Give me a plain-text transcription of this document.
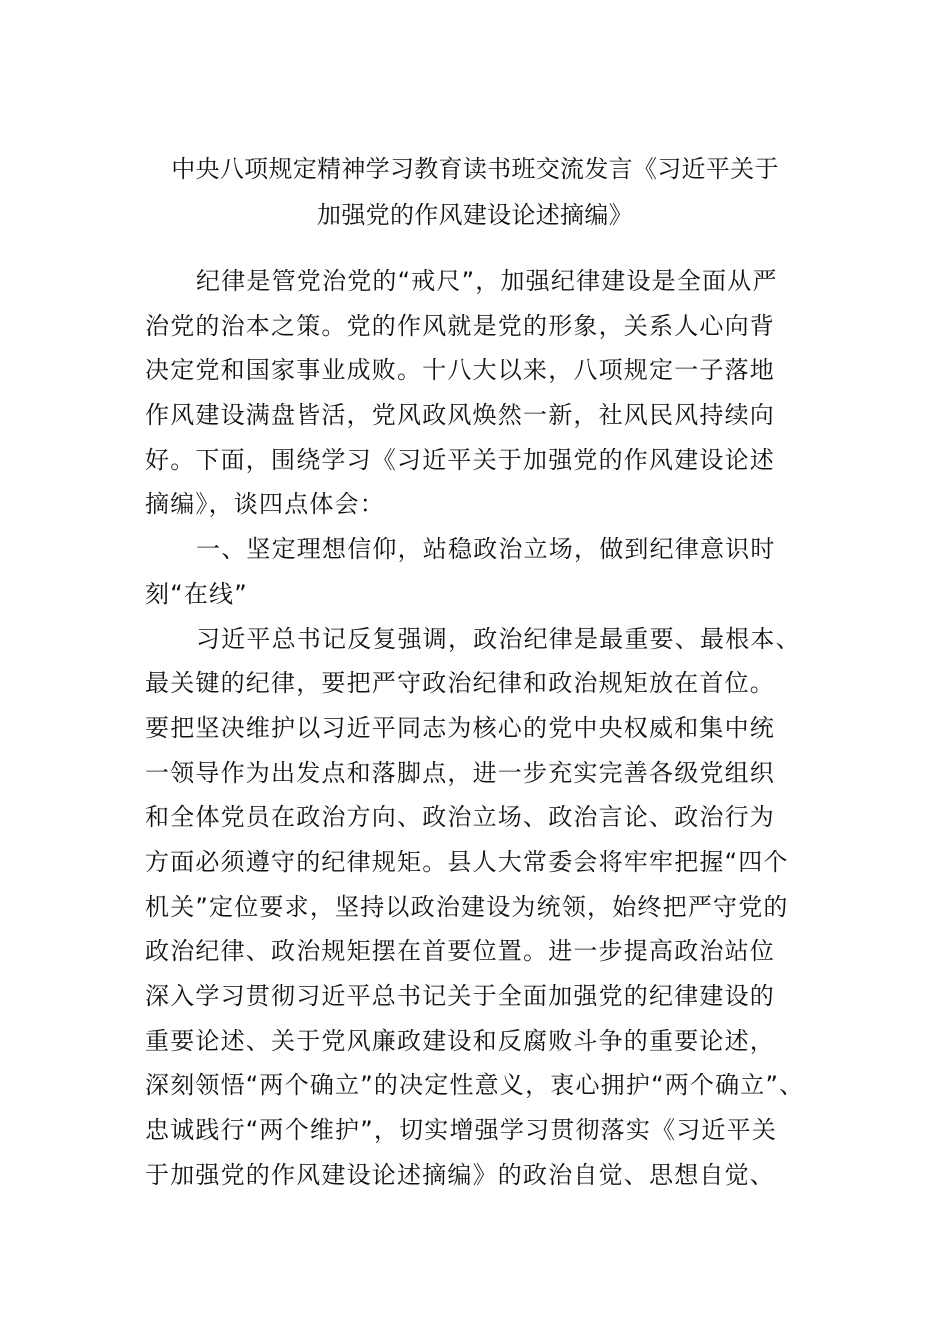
中央八项规定精神学习教育读书班交流发言《习近平关于
加强党的作风建设论述摘编》
纪律是管党治党的“戒尺”，加强纪律建设是全面从严
治党的治本之策。党的作风就是党的形象，关系人心向背
决定党和国家事业成败。十八大以来，八项规定一子落地
作风建设满盘皆活，党风政风焕然一新，社风民风持续向
好。下面，围绕学习《习近平关于加强党的作风建设论述
摘编》，谈四点体会：
一、坚定理想信仰，站稳政治立场，做到纪律意识时
刻“在线”
习近平总书记反复强调，政治纪律是最重要、最根本、
最关键的纪律，要把严守政治纪律和政治规矩放在首位。
要把坚决维护以习近平同志为核心的党中央权威和集中统
一领导作为出发点和落脚点，进一步充实完善各级党组织
和全体党员在政治方向、政治立场、政治言论、政治行为
方面必须遵守的纪律规矩。县人大常委会将牢牢把握“四个
机关”定位要求，坚持以政治建设为统领，始终把严守党的
政治纪律、政治规矩摆在首要位置。进一步提高政治站位
深入学习贯彻习近平总书记关于全面加强党的纪律建设的
重要论述、关于党风廉政建设和反腐败斗争的重要论述，
深刻领悟“两个确立”的决定性意义，衷心拥护“两个确立”、
忠诚践行“两个维护”，切实增强学习贯彻落实《习近平关
于加强党的作风建设论述摘编》的政治自觉、思想自觉、
